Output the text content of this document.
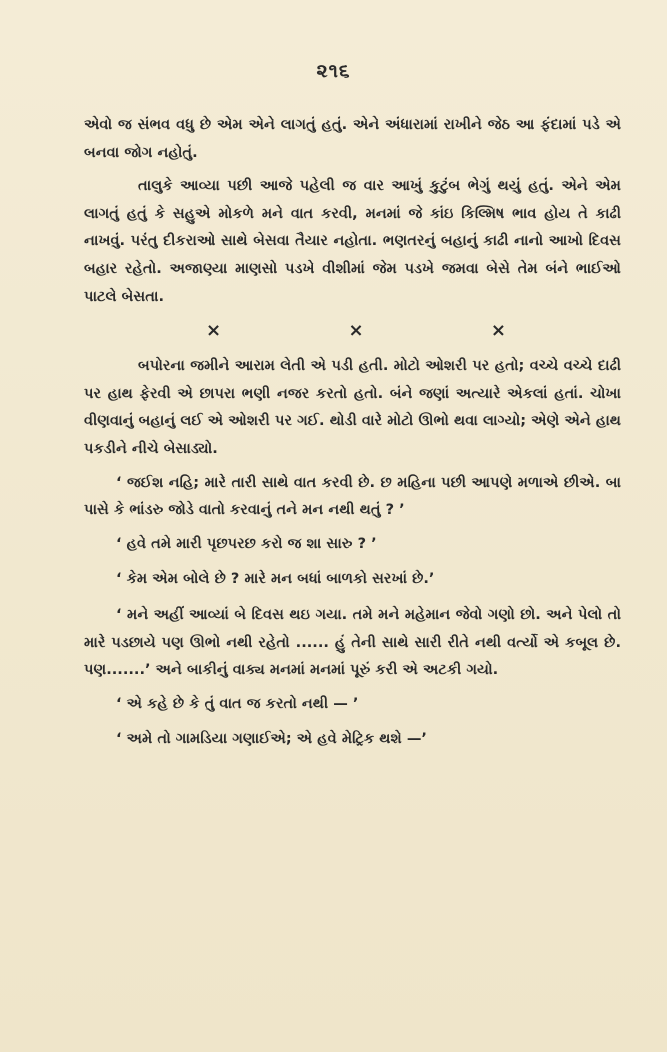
૨૧૬

એવો જ સંભવ વધુ છે એમ એને લાગતું હતું. એને અંધારામાં રાખીને જેઠ આ ફંદામાં પડે એ બનવા જોગ નહોતું.

તાલુકે આવ્યા પછી આજે પહેલી જ વાર આખું કુટુંબ ભેગું થયું હતું. એને એમ લાગતું હતું કે સહુએ મોકળે મને વાત કરવી, મનમાં જે કાંઇ કિલ્મિષ ભાવ હોય તે કાઢી નાખવું. પરંતુ દીકરાઓ સાથે બેસવા તૈયાર નહોતા. ભણતરનું બહાનું કાઢી નાનો આખો દિવસ બહાર રહેતો. અજાણ્યા માણસો પડખે વીશીમાં જેમ પડખે જમવા બેસે તેમ બંને ભાઈઓ પાટલે બેસતા.

×	×	×

બપોરના જમીને આરામ લેતી એ પડી હતી. મોટો ઓશરી પર હતો; વચ્ચે વચ્ચે દાઢી પર હાથ ફેરવી એ છાપરા ભણી નજર કરતો હતો. બંને જણાં અત્યારે એકલાં હતાં. ચોખા વીણવાનું બહાનું લઈ એ ઓશરી પર ગઈ. થોડી વારે મોટો ઊભો થવા લાગ્યો; એણે એને હાથ પકડીને નીચે બેસાડ્યો.

‘ જઈશ નહિ; મારે તારી સાથે વાત કરવી છે. છ મહિના પછી આપણે મળાએ છીએ. બા પાસે કે ભાંડરુ જોડે વાતો કરવાનું તને મન નથી થતું ? ’

‘ હવે તમે મારી પૃછપરછ કરો જ શા સારુ ? ’

‘ કેમ એમ બોલે છે ? મારે મન બધાં બાળકો સરખાં છે.’

‘ મને અહીં આવ્યાં બે દિવસ થઇ ગયા. તમે મને મહેમાન જેવો ગણો છો. અને પેલો તો મારે પડછાયે પણ ઊભો નથી રહેતો ...... હું તેની સાથે સારી રીતે નથી વર્ત્યો એ કબૂલ છે. પણ.......’ અને બાકીનું વાક્ય મનમાં મનમાં પૂરું કરી એ અટકી ગયો.

‘ એ કહે છે કે તું વાત જ કરતો નથી — ’

‘ અમે તો ગામડિયા ગણાઈએ; એ હવે મેટ્રિક થશે —’
